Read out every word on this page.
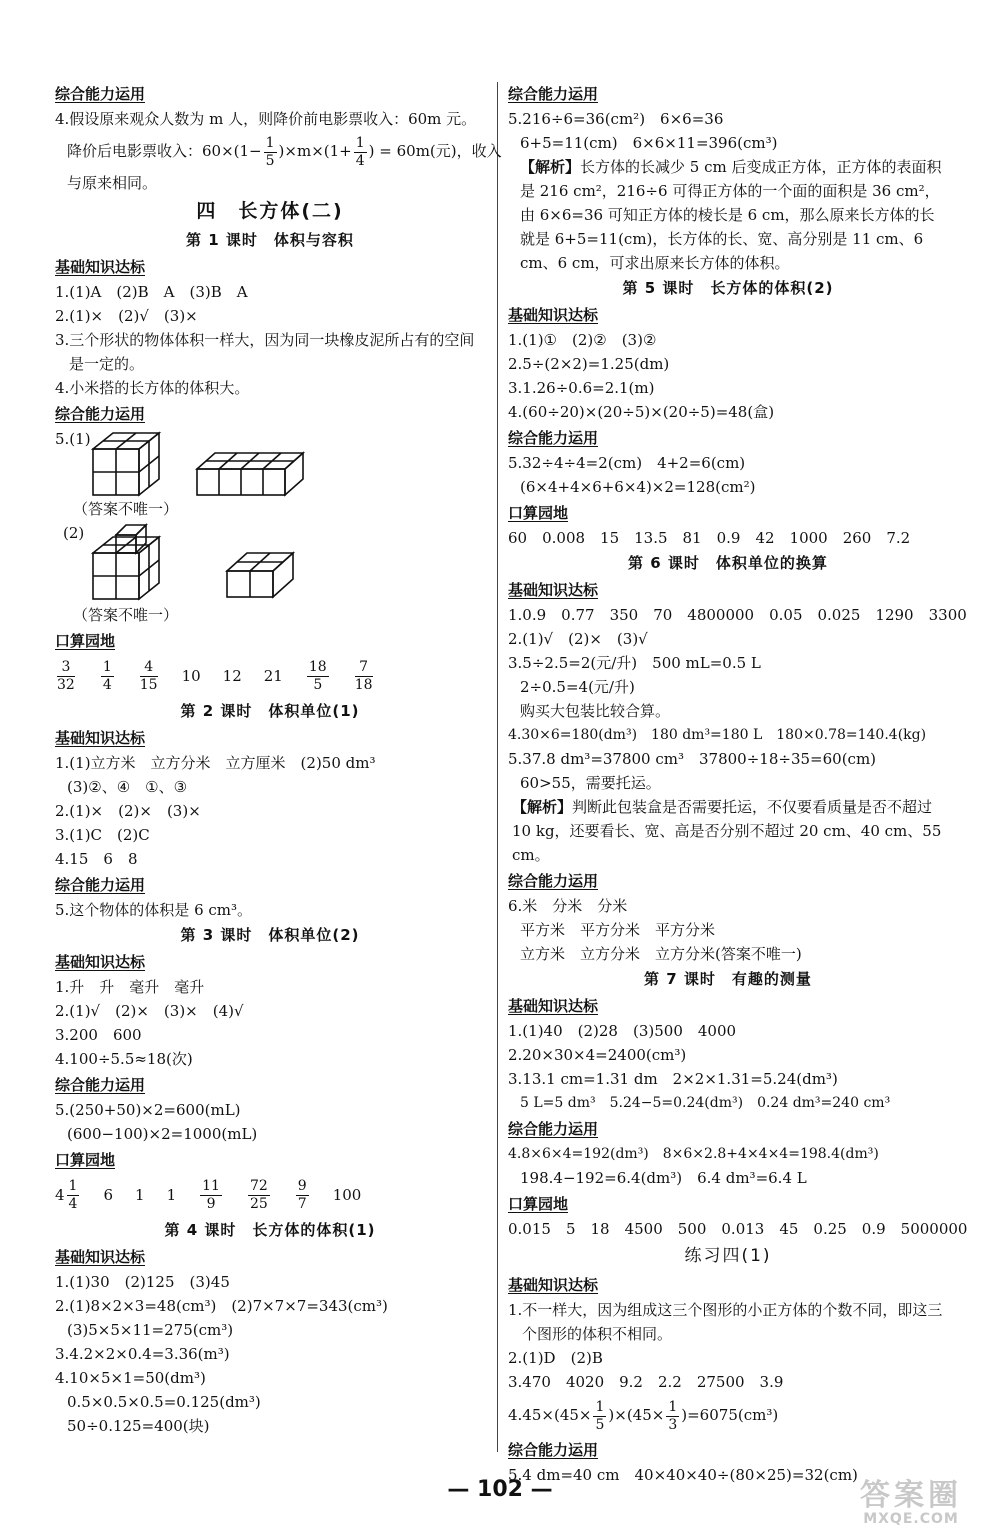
综合能力运用
4.假设原来观众人数为 m 人，则降价前电影票收入：60m 元。
降价后电影票收入：$60\times(1- \frac{1}{5} )\times m\times(1+ \frac{1}{4}$ ) = 60m(元)，收入
与原来相同。
四　长方体(二)
第 1 课时　体积与容积
基础知识达标
1.(1)A　(2)B　A　(3)B　A
2.(1)×　(2)√　(3)×
3.三个形状的物体体积一样大，因为同一块橡皮泥所占有的空间是一定的。
4.小米搭的长方体的体积大。
综合能力运用
5.(1)
（答案不唯一）
(2)
（答案不唯一）
口算园地
$\frac{3}{32} \frac{1}{4} \frac{4}{15} 10$ 12 $21 \frac{18}{5} \frac{7}{18}$
第 2 课时　体积单位(1)
基础知识达标
1.(1)立方米　立方分米　立方厘米　(2)50 dm³
(3)②、④　①、③
2.(1)×　(2)×　(3)×
3.(1)C　(2)C
4.15　6　8
综合能力运用
5.这个物体的体积是 6 cm³。
第 3 课时　体积单位(2)
基础知识达标
1.升　升　毫升　毫升
2.(1)√　(2)×　(3)×　(4)√
3.200　600
4.100÷5.5≈18(次)
综合能力运用
5.(250+50)×2=600(mL)
(600−100)×2=1000(mL)
口算园地
$4 \frac{1}{4} 6$ 1 $1 \frac{11}{9} \frac{72}{25} \frac{9}{7} 100$
第 4 课时　长方体的体积(1)
基础知识达标
1.(1)30　(2)125　(3)45
2.(1)8×2×3=48(cm³)　(2)7×7×7=343(cm³)
(3)5×5×11=275(cm³)
3.4.2×2×0.4=3.36(m³)
4.10×5×1=50(dm³)
0.5×0.5×0.5=0.125(dm³)
50÷0.125=400(块)
综合能力运用
5.216÷6=36(cm²)　6×6=36
6+5=11(cm)　6×6×11=396(cm³)
【解析】长方体的长减少 5 cm 后变成正方体，正方体的表面积是 216 cm²，216÷6 可得正方体的一个面的面积是 36 cm²，由 6×6=36 可知正方体的棱长是 6 cm，那么原来长方体的长就是 6+5=11(cm)，长方体的长、宽、高分别是 11 cm、6 cm、6 cm，可求出原来长方体的体积。
第 5 课时　长方体的体积(2)
基础知识达标
1.(1)①　(2)②　(3)②
2.5÷(2×2)=1.25(dm)
3.1.26÷0.6=2.1(m)
4.(60÷20)×(20÷5)×(20÷5)=48(盒)
综合能力运用
5.32÷4÷4=2(cm)　4+2=6(cm)
(6×4+4×6+6×4)×2=128(cm²)
口算园地
60　0.008　15　13.5　81　0.9　42　1000　260　7.2
第 6 课时　体积单位的换算
基础知识达标
1.0.9　0.77　350　70　4800000　0.05　0.025　1290　3300
2.(1)√　(2)×　(3)√
3.5÷2.5=2(元/升)　500 mL=0.5 L
2÷0.5=4(元/升)
购买大包装比较合算。
4.30×6=180(dm³)　180 dm³=180 L　180×0.78=140.4(kg)
5.37.8 dm³=37800 cm³　37800÷18÷35=60(cm)
60>55，需要托运。
【解析】判断此包装盒是否需要托运，不仅要看质量是否不超过 10 kg，还要看长、宽、高是否分别不超过 20 cm、40 cm、55 cm。
综合能力运用
6.米　分米　分米
平方米　平方分米　平方分米
立方米　立方分米　立方分米(答案不唯一)
第 7 课时　有趣的测量
基础知识达标
1.(1)40　(2)28　(3)500　4000
2.20×30×4=2400(cm³)
3.13.1 cm=1.31 dm　2×2×1.31=5.24(dm³)
5 L=5 dm³　5.24−5=0.24(dm³)　0.24 dm³=240 cm³
综合能力运用
4.8×6×4=192(dm³)　8×6×2.8+4×4×4=198.4(dm³)
198.4−192=6.4(dm³)　6.4 dm³=6.4 L
口算园地
0.015　5　18　4500　500　0.013　45　0.25　0.9　5000000
练习四(1)
基础知识达标
1.不一样大，因为组成这三个图形的小正方体的个数不同，即这三个图形的体积不相同。
2.(1)D　(2)B
3.470　4020　9.2　2.2　27500　3.9
$4.45\times(45\times \frac{1}{5} )\times(45\times \frac{1}{3} )=6075(cm^3)$
综合能力运用
5.4 dm=40 cm　40×40×40÷(80×25)=32(cm)
— 102 —	答案圈
MXQE.COM
